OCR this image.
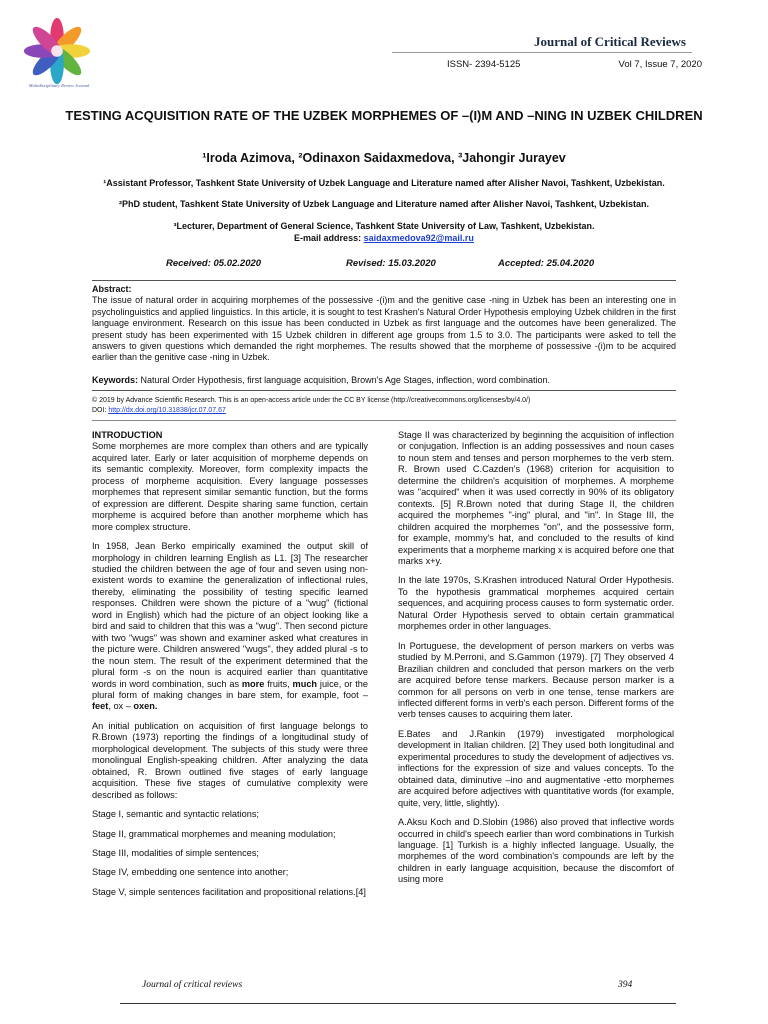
Multidisciplinary Review Journal
Journal of Critical Reviews
ISSN- 2394-5125	Vol 7, Issue 7, 2020
TESTING ACQUISITION RATE OF THE UZBEK MORPHEMES OF –(I)M AND –NING IN UZBEK CHILDREN
¹Iroda Azimova, ²Odinaxon Saidaxmedova, ³Jahongir Jurayev
¹Assistant Professor, Tashkent State University of Uzbek Language and Literature named after Alisher Navoi, Tashkent, Uzbekistan.
²PhD student, Tashkent State University of Uzbek Language and Literature named after Alisher Navoi, Tashkent, Uzbekistan.
³Lecturer, Department of General Science, Tashkent State University of Law, Tashkent, Uzbekistan.
E-mail address: saidaxmedova92@mail.ru
Received: 05.02.2020	Revised: 15.03.2020	Accepted: 25.04.2020
Abstract:
The issue of natural order in acquiring morphemes of the possessive -(i)m and the genitive case -ning in Uzbek has been an interesting one in psycholinguistics and applied linguistics. In this article, it is sought to test Krashen's Natural Order Hypothesis employing Uzbek children in the first language environment. Research on this issue has been conducted in Uzbek as first language and the outcomes have been generalized. The present study has been experimented with 15 Uzbek children in different age groups from 1.5 to 3.0. The participants were asked to tell the answers to given questions which demanded the right morphemes. The results showed that the morpheme of possessive -(i)m to be acquired earlier than the genitive case -ning in Uzbek.
Keywords: Natural Order Hypothesis, first language acquisition, Brown's Age Stages, inflection, word combination.
© 2019 by Advance Scientific Research. This is an open-access article under the CC BY license (http://creativecommons.org/licenses/by/4.0/)
DOI: http://dx.doi.org/10.31838/jcr.07.07.67
INTRODUCTION

Some morphemes are more complex than others and are typically acquired later. Early or later acquisition of morpheme depends on its semantic complexity. Moreover, form complexity impacts the process of morpheme acquisition. Every language possesses morphemes that represent similar semantic function, but the forms of expression are different. Despite sharing same function, certain morpheme is acquired before than another morpheme which has more complex structure.

In 1958, Jean Berko empirically examined the output skill of morphology in children learning English as L1. [3] The researcher studied the children between the age of four and seven using non-existent words to examine the generalization of inflectional rules, thereby, eliminating the possibility of testing specific learned responses. Children were shown the picture of a "wug" (fictional word in English) which had the picture of an object looking like a bird and said to children that this was a "wug". Then second picture with two "wugs" was shown and examiner asked what creatures in the picture were. Children answered "wugs", they added plural -s to the noun stem. The result of the experiment determined that the plural form -s on the noun is acquired earlier than quantitative words in word combination, such as more fruits, much juice, or the plural form of making changes in bare stem, for example, foot – feet, ox – oxen.

An initial publication on acquisition of first language belongs to R.Brown (1973) reporting the findings of a longitudinal study of morphological development. The subjects of this study were three monolingual English-speaking children. After analyzing the data obtained, R. Brown outlined five stages of early language acquisition. These five stages of cumulative complexity were described as follows:

Stage I, semantic and syntactic relations;

Stage II, grammatical morphemes and meaning modulation;

Stage III, modalities of simple sentences;

Stage IV, embedding one sentence into another;

Stage V, simple sentences facilitation and propositional relations.[4]

Stage II was characterized by beginning the acquisition of inflection or conjugation. Inflection is an adding possessives and noun cases to noun stem and tenses and person morphemes to the verb stem. R. Brown used C.Cazden's (1968) criterion for acquisition to determine the children's acquisition of morphemes. A morpheme was "acquired" when it was used correctly in 90% of its obligatory contexts. [5] R.Brown noted that during Stage II, the children acquired the morphemes "-ing" plural, and "in". In Stage III, the children acquired the morphemes "on", and the possessive form, for example, mommy's hat, and concluded to the results of kind experiments that a morpheme marking x is acquired before one that marks x+y.

In the late 1970s, S.Krashen introduced Natural Order Hypothesis. To the hypothesis grammatical morphemes acquired certain sequences, and acquiring process causes to form systematic order. Natural Order Hypothesis served to obtain certain grammatical morphemes order in other languages.

In Portuguese, the development of person markers on verbs was studied by M.Perroni, and S.Gammon (1979). [7] They observed 4 Brazilian children and concluded that person markers on the verb are acquired before tense markers. Because person marker is a common for all persons on verb in one tense, tense markers are inflected different forms in verb's each person. Different forms of the verb tenses causes to acquiring them later.

E.Bates and J.Rankin (1979) investigated morphological development in Italian children. [2] They used both longitudinal and experimental procedures to study the development of adjectives vs. inflections for the expression of size and values concepts. To the obtained data, diminutive –ino and augmentative -etto morphemes are acquired before adjectives with quantitative words (for example, quite, very, little, slightly).

A.Aksu Koch and D.Slobin (1986) also proved that inflective words occurred in child's speech earlier than word combinations in Turkish language. [1] Turkish is a highly inflected language. Usually, the morphemes of the word combination's compounds are left by the children in early language acquisition, because the discomfort of using more

Journal of critical reviews	394
